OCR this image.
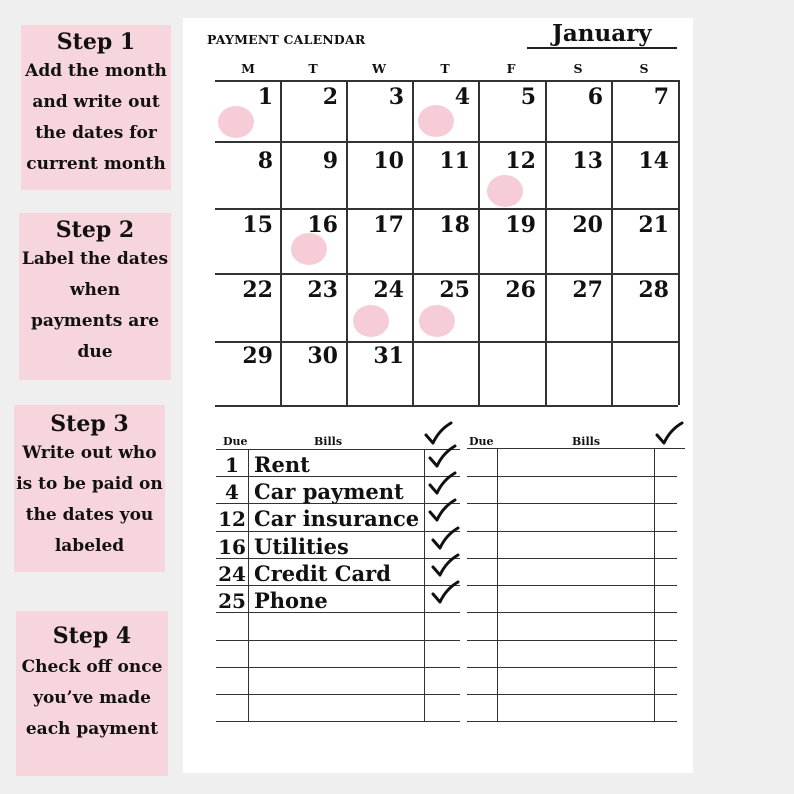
Step 1
Add the month
and write out
the dates for
current month
Step 2
Label the dates
when
payments are
due
Step 3
Write out who
is to be paid on
the dates you
labeled
Step 4
Check off once
you’ve made
each payment
PAYMENT CALENDAR	January
M	T	W	T	F	S	S
1	2	3	4	5	6	7
8	9	10	11	12	13	14
15	16	17	18	19	20	21
22	23	24	25	26	27	28
29	30	31
Due	Bills
1 Rent
4 Car payment
12 Car insurance
16 Utilities
24 Credit Card
25 Phone
Due	Bills
